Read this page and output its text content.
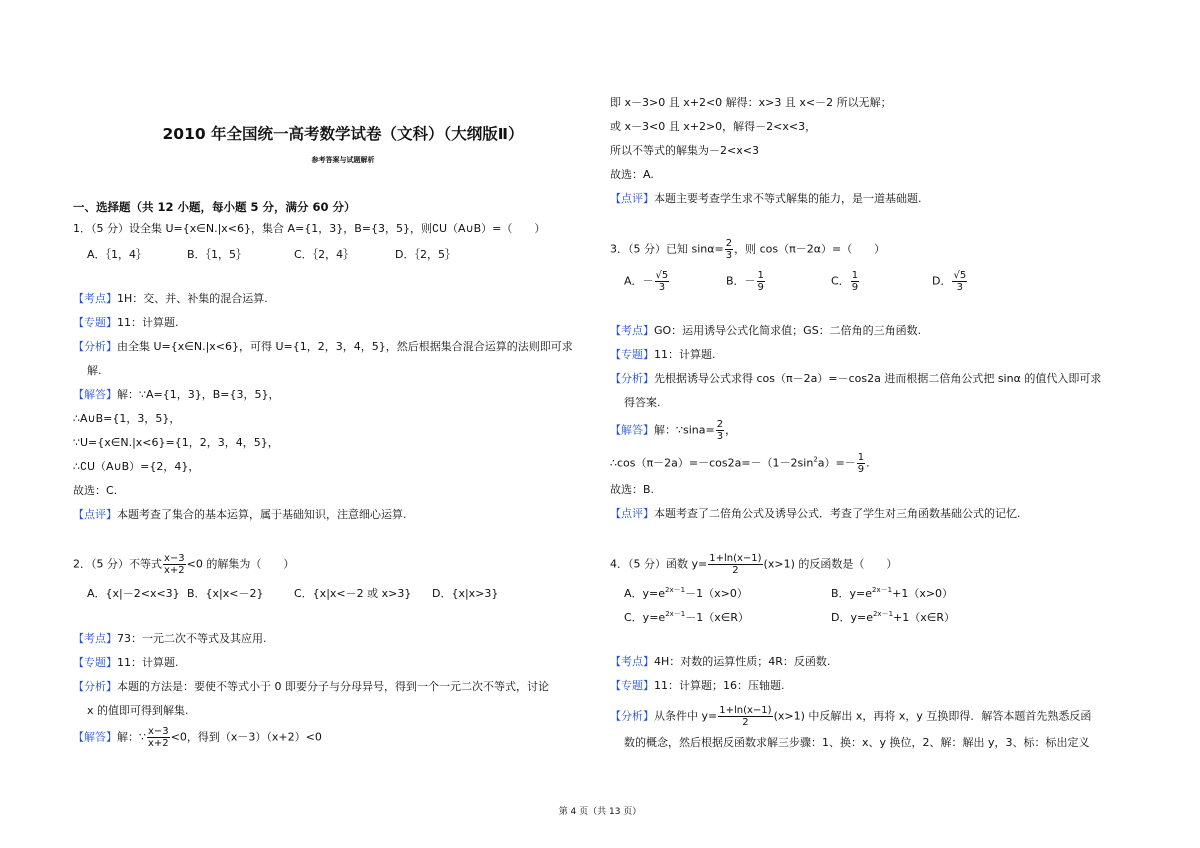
2010 年全国统一高考数学试卷（文科）（大纲版Ⅱ）
参考答案与试题解析
一、选择题（共 12 小题，每小题 5 分，满分 60 分）
1．（5 分）设全集 U={x∈N.|x<6}，集合 A={1，3}，B={3，5}，则∁U（A∪B）=（　　）
A．｛1，4｝	B．｛1，5｝	C．｛2，4｝	D．｛2，5｝
【考点】1H：交、并、补集的混合运算.
【专题】11：计算题.
【分析】由全集 U={x∈N.|x<6}，可得 U={1，2，3，4，5}，然后根据集合混合运算的法则即可求
解.
【解答】解：∵A={1，3}，B={3，5}，
∴A∪B={1，3，5}，
∵U={x∈N.|x<6}={1，2，3，4，5}，
∴∁U（A∪B）={2，4}，
故选：C.
【点评】本题考查了集合的基本运算，属于基础知识，注意细心运算.
2．（5 分）不等式 $\frac{x-3}{x+2} <0$ 的解集为（　　）
A．{x|－2<x<3} B．{x|x<－2}	C．{x|x<－2 或 x>3} D．{x|x>3}
【考点】73：一元二次不等式及其应用.
【专题】11：计算题.
【分析】本题的方法是：要使不等式小于 0 即要分子与分母异号，得到一个一元二次不等式，讨论
x 的值即可得到解集.
【解答】解：∵ $\frac{x-3}{x+2} <0$，得到（x－3）（x+2）<0
即 x－3>0 且 x+2<0 解得：x>3 且 x<－2 所以无解；
或 x－3<0 且 x+2>0，解得－2<x<3，
所以不等式的解集为－2<x<3
故选：A.
【点评】本题主要考查学生求不等式解集的能力，是一道基础题.
3．（5 分）已知 $\sin\alpha= \frac{2}{3}$ ，则 cos（π－2α）=（　　）
A．－ $\frac{√5}{3}$	B．－ $\frac{1}{9}$	C． $\frac{1}{9}$	D． $\frac{√5}{3}$
【考点】GO：运用诱导公式化简求值；GS：二倍角的三角函数.
【专题】11：计算题.
【分析】先根据诱导公式求得 cos（π－2a）=－cos2a 进而根据二倍角公式把 sinα 的值代入即可求
得答案.
【解答】解：∵sina= $\frac{2}{3}$ ，
$\therefore\cos(\pi-2a)=-\cos 2a=-(1-2\sin^2a)=- \frac{1}{9}$ .
故选：B.
【点评】本题考查了二倍角公式及诱导公式．考查了学生对三角函数基础公式的记忆.
4．（5 分）函数 $y= \frac{1+\ln(x-1)}{2} (x>1)$ 的反函数是（　　）
A．$y=e^{2x-1}-1(x>0)$	B．$y=e^{2x-1}+1(x>0)$
C．$y=e^{2x-1}-1(x\in R)$	D．$y=e^{2x-1}+1(x\in R)$
【考点】4H：对数的运算性质；4R：反函数.
【专题】11：计算题；16：压轴题.
【分析】从条件中 $y= \frac{1+\ln(x-1)}{2} (x>1)$ 中反解出 x，再将 x，y 互换即得．解答本题首先熟悉反函
数的概念，然后根据反函数求解三步骤：1、换：x、y 换位，2、解：解出 y，3、标：标出定义
第 4 页（共 13 页）
